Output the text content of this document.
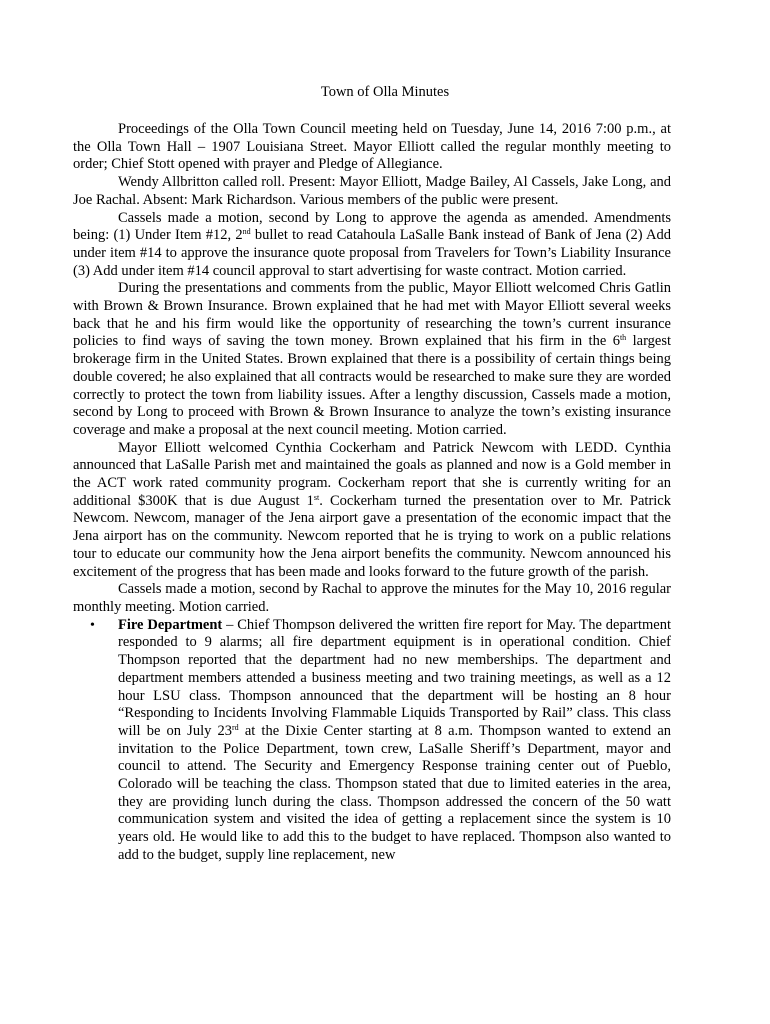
Town of Olla Minutes

Proceedings of the Olla Town Council meeting held on Tuesday, June 14, 2016 7:00 p.m., at the Olla Town Hall – 1907 Louisiana Street. Mayor Elliott called the regular monthly meeting to order; Chief Stott opened with prayer and Pledge of Allegiance.

Wendy Allbritton called roll. Present: Mayor Elliott, Madge Bailey, Al Cassels, Jake Long, and Joe Rachal. Absent: Mark Richardson. Various members of the public were present.

Cassels made a motion, second by Long to approve the agenda as amended. Amendments being: (1) Under Item #12, 2nd bullet to read Catahoula LaSalle Bank instead of Bank of Jena (2) Add under item #14 to approve the insurance quote proposal from Travelers for Town’s Liability Insurance (3) Add under item #14 council approval to start advertising for waste contract. Motion carried.

During the presentations and comments from the public, Mayor Elliott welcomed Chris Gatlin with Brown & Brown Insurance. Brown explained that he had met with Mayor Elliott several weeks back that he and his firm would like the opportunity of researching the town’s current insurance policies to find ways of saving the town money. Brown explained that his firm in the 6th largest brokerage firm in the United States. Brown explained that there is a possibility of certain things being double covered; he also explained that all contracts would be researched to make sure they are worded correctly to protect the town from liability issues. After a lengthy discussion, Cassels made a motion, second by Long to proceed with Brown & Brown Insurance to analyze the town’s existing insurance coverage and make a proposal at the next council meeting. Motion carried.

Mayor Elliott welcomed Cynthia Cockerham and Patrick Newcom with LEDD. Cynthia announced that LaSalle Parish met and maintained the goals as planned and now is a Gold member in the ACT work rated community program. Cockerham report that she is currently writing for an additional $300K that is due August 1st. Cockerham turned the presentation over to Mr. Patrick Newcom. Newcom, manager of the Jena airport gave a presentation of the economic impact that the Jena airport has on the community. Newcom reported that he is trying to work on a public relations tour to educate our community how the Jena airport benefits the community. Newcom announced his excitement of the progress that has been made and looks forward to the future growth of the parish.

Cassels made a motion, second by Rachal to approve the minutes for the May 10, 2016 regular monthly meeting. Motion carried.

• Fire Department – Chief Thompson delivered the written fire report for May. The department responded to 9 alarms; all fire department equipment is in operational condition. Chief Thompson reported that the department had no new memberships. The department and department members attended a business meeting and two training meetings, as well as a 12 hour LSU class. Thompson announced that the department will be hosting an 8 hour “Responding to Incidents Involving Flammable Liquids Transported by Rail” class. This class will be on July 23rd at the Dixie Center starting at 8 a.m. Thompson wanted to extend an invitation to the Police Department, town crew, LaSalle Sheriff’s Department, mayor and council to attend. The Security and Emergency Response training center out of Pueblo, Colorado will be teaching the class. Thompson stated that due to limited eateries in the area, they are providing lunch during the class. Thompson addressed the concern of the 50 watt communication system and visited the idea of getting a replacement since the system is 10 years old. He would like to add this to the budget to have replaced. Thompson also wanted to add to the budget, supply line replacement, new
